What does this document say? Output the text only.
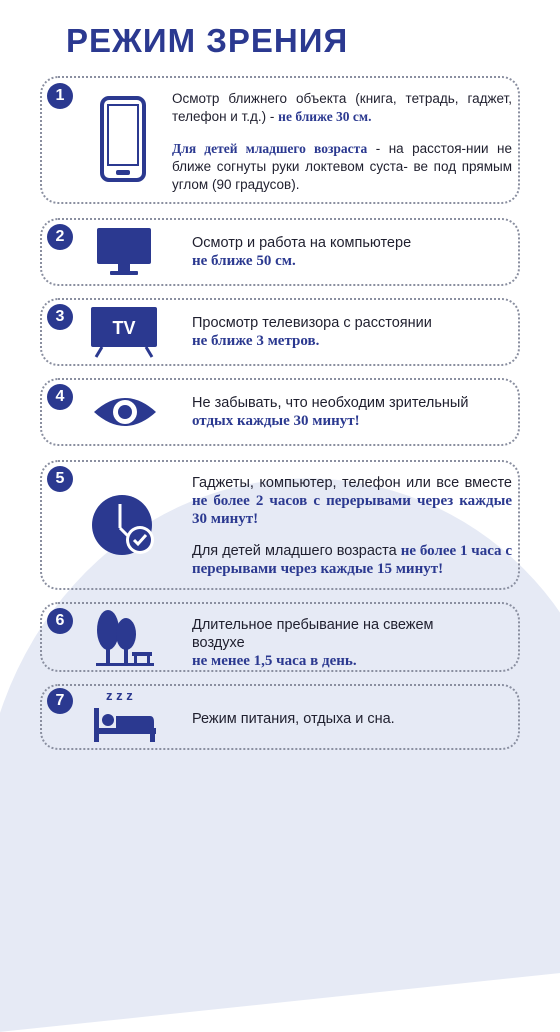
РЕЖИМ ЗРЕНИЯ
1	Осмотр ближнего объекта (книга, тетрадь, гаджет, телефон и т.д.) - не ближе 30 см.
Для детей младшего возраста - на расстоя-нии не ближе согнуты руки локтевом суста- ве под прямым углом (90 градусов).
2	Осмотр и работа на компьютере
не ближе 50 см.
3
TV	Просмотр телевизора с расстоянии
не ближе 3 метров.
4	Не забывать, что необходим зрительный
отдых каждые 30 минут!
5	Гаджеты, компьютер, телефон или все вместе не более 2 часов с перерывами через каждые 30 минут!
Для детей младшего возраста не более 1 часа с перерывами через каждые 15 минут!
6	Длительное пребывание на свежем воздухе
не менее 1,5 часа в день.
7	z z z
Режим питания, отдыха и сна.
